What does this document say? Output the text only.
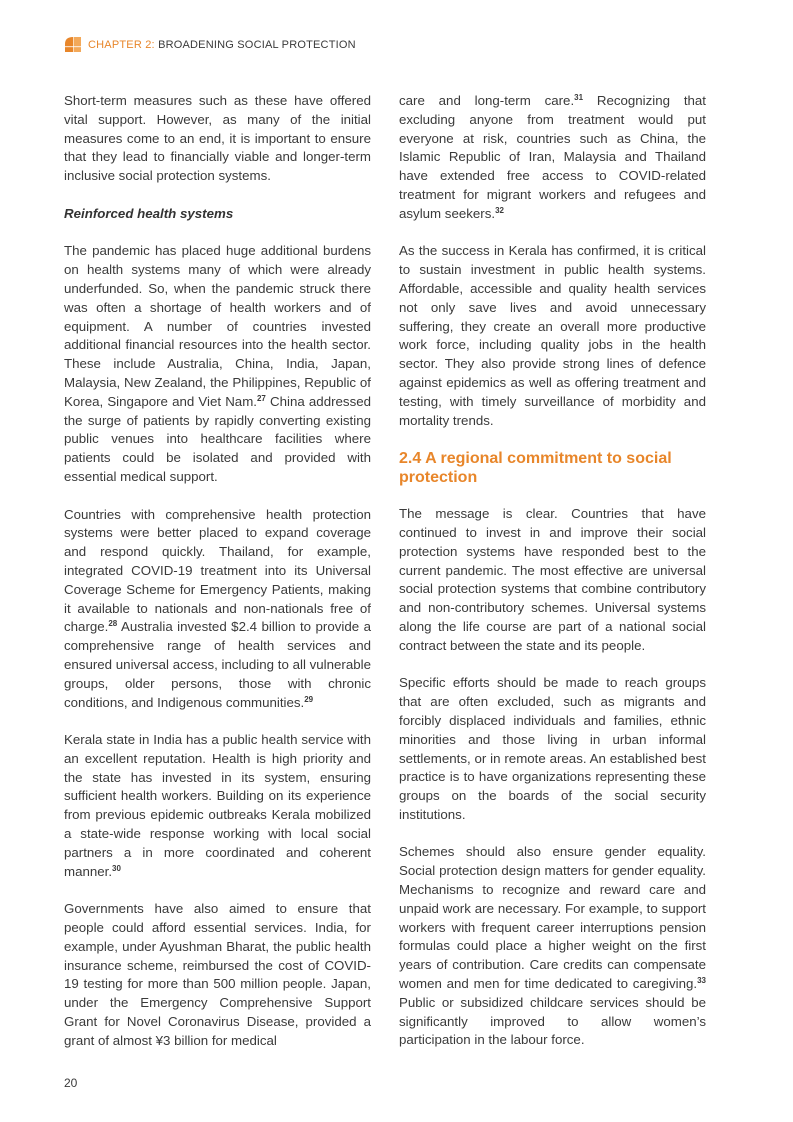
CHAPTER 2: BROADENING SOCIAL PROTECTION

Short-term measures such as these have offered vital support. However, as many of the initial measures come to an end, it is important to ensure that they lead to financially viable and longer-term inclusive social protection systems.

Reinforced health systems

The pandemic has placed huge additional burdens on health systems many of which were already underfunded. So, when the pandemic struck there was often a shortage of health workers and of equipment. A number of countries invested additional financial resources into the health sector. These include Australia, China, India, Japan, Malaysia, New Zealand, the Philippines, Republic of Korea, Singapore and Viet Nam.$^{27}$ China addressed the surge of patients by rapidly converting existing public venues into healthcare facilities where patients could be isolated and provided with essential medical support.

Countries with comprehensive health protection systems were better placed to expand coverage and respond quickly. Thailand, for example, integrated COVID-19 treatment into its Universal Coverage Scheme for Emergency Patients, making it available to nationals and non-nationals free of charge.$^{28}$ Australia invested $2.4 billion to provide a comprehensive range of health services and ensured universal access, including to all vulnerable groups, older persons, those with chronic conditions, and Indigenous communities.$^{29}$

Kerala state in India has a public health service with an excellent reputation. Health is high priority and the state has invested in its system, ensuring sufficient health workers. Building on its experience from previous epidemic outbreaks Kerala mobilized a state-wide response working with local social partners a in more coordinated and coherent manner.$^{30}$

Governments have also aimed to ensure that people could afford essential services. India, for example, under Ayushman Bharat, the public health insurance scheme, reimbursed the cost of COVID-19 testing for more than 500 million people. Japan, under the Emergency Comprehensive Support Grant for Novel Coronavirus Disease, provided a grant of almost ¥3 billion for medical

care and long-term care.$^{31}$ Recognizing that excluding anyone from treatment would put everyone at risk, countries such as China, the Islamic Republic of Iran, Malaysia and Thailand have extended free access to COVID-related treatment for migrant workers and refugees and asylum seekers.$^{32}$

As the success in Kerala has confirmed, it is critical to sustain investment in public health systems. Affordable, accessible and quality health services not only save lives and avoid unnecessary suffering, they create an overall more productive work force, including quality jobs in the health sector. They also provide strong lines of defence against epidemics as well as offering treatment and testing, with timely surveillance of morbidity and mortality trends.

2.4 A regional commitment to social protection

The message is clear. Countries that have continued to invest in and improve their social protection systems have responded best to the current pandemic. The most effective are universal social protection systems that combine contributory and non-contributory schemes. Universal systems along the life course are part of a national social contract between the state and its people.

Specific efforts should be made to reach groups that are often excluded, such as migrants and forcibly displaced individuals and families, ethnic minorities and those living in urban informal settlements, or in remote areas. An established best practice is to have organizations representing these groups on the boards of the social security institutions.

Schemes should also ensure gender equality. Social protection design matters for gender equality. Mechanisms to recognize and reward care and unpaid work are necessary. For example, to support workers with frequent career interruptions pension formulas could place a higher weight on the first years of contribution. Care credits can compensate women and men for time dedicated to caregiving.$^{33}$ Public or subsidized childcare services should be significantly improved to allow women’s participation in the labour force.

20
